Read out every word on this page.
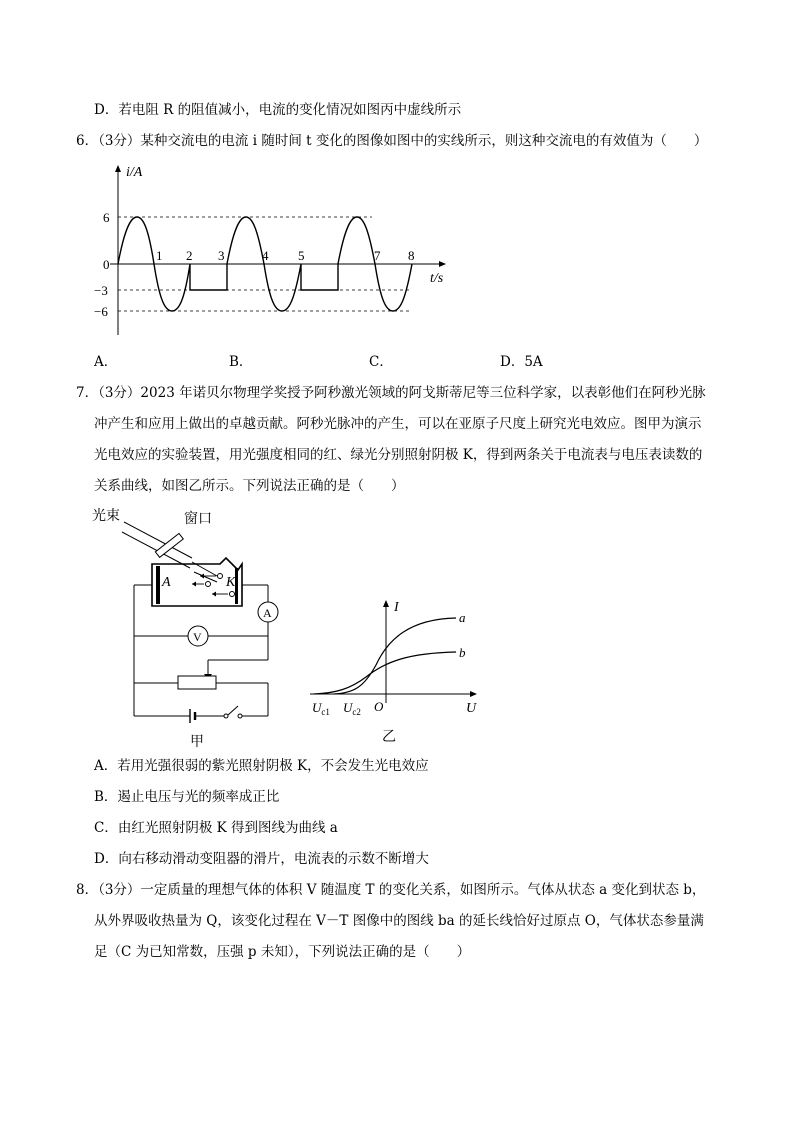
D．若电阻 R 的阻值减小，电流的变化情况如图丙中虚线所示
6．（3分）某种交流电的电流 i 随时间 t 变化的图像如图中的实线所示，则这种交流电的有效值为（　　）
i/A
t/s
6
0
−3
−6
1 2 3	4 5	7 8
A．	B．	C．	D．5A
7．（3分）2023 年诺贝尔物理学奖授予阿秒激光领域的阿戈斯蒂尼等三位科学家，以表彰他们在阿秒光脉
冲产生和应用上做出的卓越贡献。阿秒光脉冲的产生，可以在亚原子尺度上研究光电效应。图甲为演示
光电效应的实验装置，用光强度相同的红、绿光分别照射阴极 K，得到两条关于电流表与电压表读数的
关系曲线，如图乙所示。下列说法正确的是（　　）
光束	窗口
A	K
A
V
甲
I
U
a
b
$U_{c1}$ $U_{c2}$ O
乙
A．若用光强很弱的紫光照射阴极 K，不会发生光电效应
B．遏止电压与光的频率成正比
C．由红光照射阴极 K 得到图线为曲线 a
D．向右移动滑动变阻器的滑片，电流表的示数不断增大
8．（3分）一定质量的理想气体的体积 V 随温度 T 的变化关系，如图所示。气体从状态 a 变化到状态 b，
从外界吸收热量为 Q，该变化过程在 V－T 图像中的图线 ba 的延长线恰好过原点 O，气体状态参量满
足（C 为已知常数，压强 p 未知），下列说法正确的是（　　）
